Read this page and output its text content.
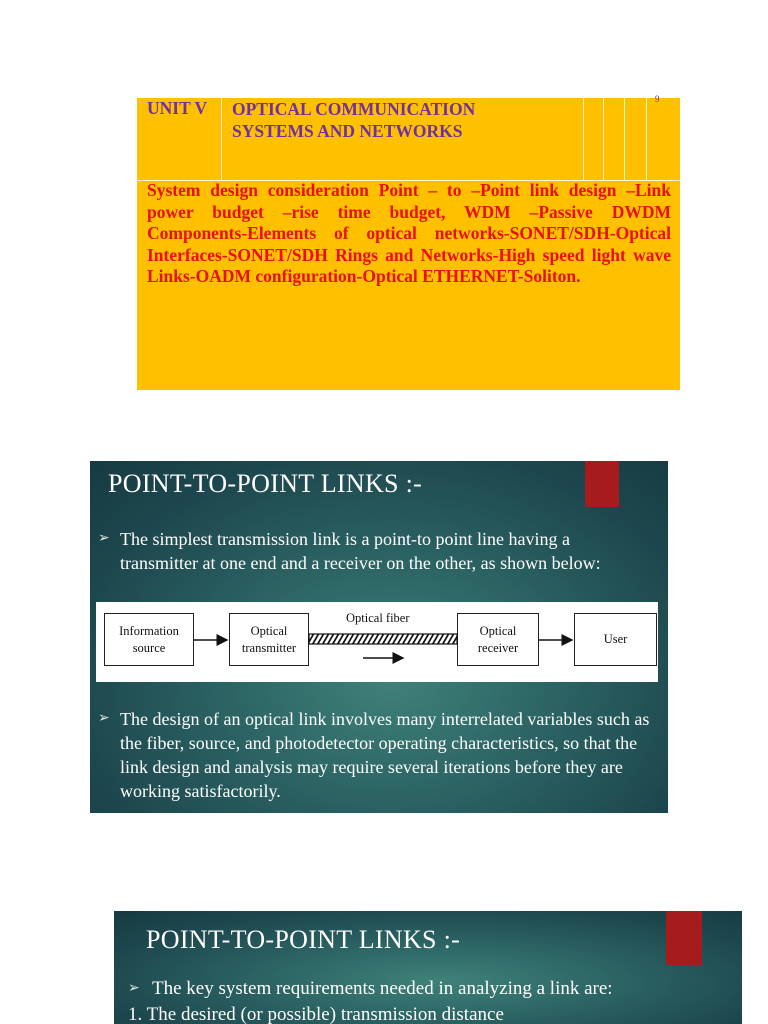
UNIT V OPTICAL COMMUNICATION
SYSTEMS AND NETWORKS
9
System design consideration Point – to –Point link design –Link power budget –rise time budget, WDM –Passive DWDM Components-Elements of optical networks-SONET/SDH-Optical Interfaces-SONET/SDH Rings and Networks-High speed light wave Links-OADM configuration-Optical ETHERNET-Soliton.
POINT-TO-POINT LINKS :-
➢ The simplest transmission link is a point-to point line having a transmitter at one end and a receiver on the other, as shown below:
Information
source
Optical
transmitter
Optical
receiver
User
Optical fiber
➢ The design of an optical link involves many interrelated variables such as the fiber, source, and photodetector operating characteristics, so that the link design and analysis may require several iterations before they are working satisfactorily.
POINT-TO-POINT LINKS :-
➢ The key system requirements needed in analyzing a link are:
1. The desired (or possible) transmission distance
